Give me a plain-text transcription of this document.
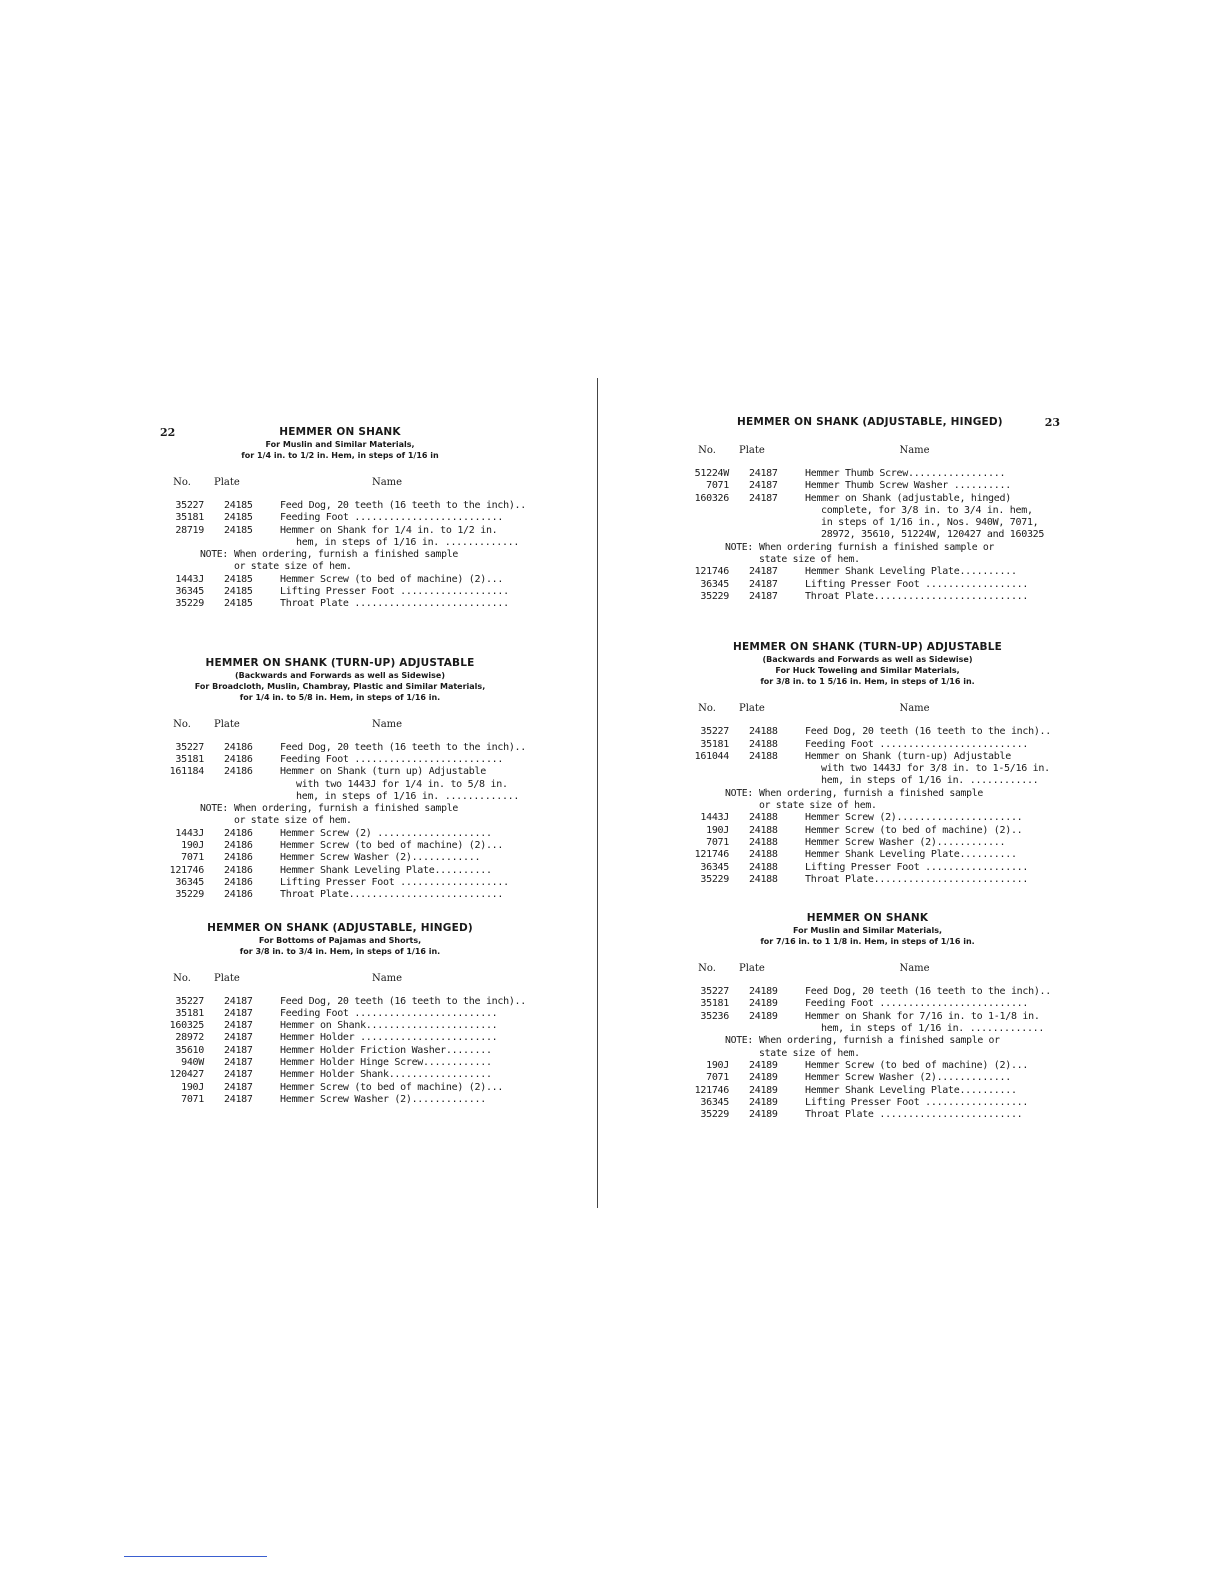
22	HEMMER ON SHANK
For Muslin and Similar Materials,
for 1/4 in. to 1/2 in. Hem, in steps of 1/16 in
No.	Plate	Name
35227	24185	Feed Dog, 20 teeth (16 teeth to the inch)..
35181	24185	Feeding Foot ..........................
28719	24185	Hemmer on Shank for 1/4 in. to 1/2 in.
hem, in steps of 1/16 in. .............
NOTE: When ordering, furnish a finished sample
or state size of hem.
1443J	24185	Hemmer Screw (to bed of machine) (2)...
36345	24185	Lifting Presser Foot ...................
35229	24185	Throat Plate ...........................
HEMMER ON SHANK (TURN-UP) ADJUSTABLE
(Backwards and Forwards as well as Sidewise)
For Broadcloth, Muslin, Chambray, Plastic and Similar Materials,
for 1/4 in. to 5/8 in. Hem, in steps of 1/16 in.
No.	Plate	Name
35227	24186	Feed Dog, 20 teeth (16 teeth to the inch)..
35181	24186	Feeding Foot ..........................
161184	24186	Hemmer on Shank (turn up) Adjustable
with two 1443J for 1/4 in. to 5/8 in.
hem, in steps of 1/16 in. .............
NOTE: When ordering, furnish a finished sample
or state size of hem.
1443J	24186	Hemmer Screw (2) ....................
190J	24186	Hemmer Screw (to bed of machine) (2)...
7071	24186	Hemmer Screw Washer (2)............
121746	24186	Hemmer Shank Leveling Plate..........
36345	24186	Lifting Presser Foot ...................
35229	24186	Throat Plate...........................
HEMMER ON SHANK (ADJUSTABLE, HINGED)
For Bottoms of Pajamas and Shorts,
for 3/8 in. to 3/4 in. Hem, in steps of 1/16 in.
No.	Plate	Name
35227	24187	Feed Dog, 20 teeth (16 teeth to the inch)..
35181	24187	Feeding Foot .........................
160325	24187	Hemmer on Shank.......................
28972	24187	Hemmer Holder ........................
35610	24187	Hemmer Holder Friction Washer........
940W	24187	Hemmer Holder Hinge Screw............
120427	24187	Hemmer Holder Shank..................
190J	24187	Hemmer Screw (to bed of machine) (2)...
7071	24187	Hemmer Screw Washer (2).............
23
HEMMER ON SHANK (ADJUSTABLE, HINGED)
No.	Plate	Name
51224W	24187	Hemmer Thumb Screw.................
7071	24187	Hemmer Thumb Screw Washer ..........
160326	24187	Hemmer on Shank (adjustable, hinged)
complete, for 3/8 in. to 3/4 in. hem,
in steps of 1/16 in., Nos. 940W, 7071,
28972, 35610, 51224W, 120427 and 160325
NOTE: When ordering furnish a finished sample or
state size of hem.
121746	24187	Hemmer Shank Leveling Plate..........
36345	24187	Lifting Presser Foot ..................
35229	24187	Throat Plate...........................
HEMMER ON SHANK (TURN-UP) ADJUSTABLE
(Backwards and Forwards as well as Sidewise)
For Huck Toweling and Similar Materials,
for 3/8 in. to 1 5/16 in. Hem, in steps of 1/16 in.
No.	Plate	Name
35227	24188	Feed Dog, 20 teeth (16 teeth to the inch)..
35181	24188	Feeding Foot ..........................
161044	24188	Hemmer on Shank (turn-up) Adjustable
with two 1443J for 3/8 in. to 1-5/16 in.
hem, in steps of 1/16 in. ............
NOTE: When ordering, furnish a finished sample
or state size of hem.
1443J	24188	Hemmer Screw (2)......................
190J	24188	Hemmer Screw (to bed of machine) (2)..
7071	24188	Hemmer Screw Washer (2)............
121746	24188	Hemmer Shank Leveling Plate..........
36345	24188	Lifting Presser Foot ..................
35229	24188	Throat Plate...........................
HEMMER ON SHANK
For Muslin and Similar Materials,
for 7/16 in. to 1 1/8 in. Hem, in steps of 1/16 in.
No.	Plate	Name
35227	24189	Feed Dog, 20 teeth (16 teeth to the inch)..
35181	24189	Feeding Foot ..........................
35236	24189	Hemmer on Shank for 7/16 in. to 1-1/8 in.
hem, in steps of 1/16 in. .............
NOTE: When ordering, furnish a finished sample or
state size of hem.
190J	24189	Hemmer Screw (to bed of machine) (2)...
7071	24189	Hemmer Screw Washer (2).............
121746	24189	Hemmer Shank Leveling Plate..........
36345	24189	Lifting Presser Foot ..................
35229	24189	Throat Plate .........................
